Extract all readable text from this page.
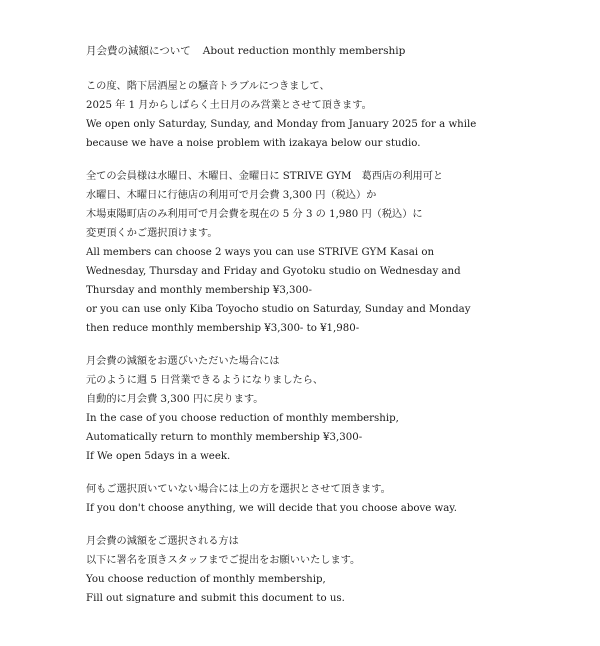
月会費の減額について About reduction monthly membership
この度、階下居酒屋との騒音トラブルにつきまして、
2025 年 1 月からしばらく土日月のみ営業とさせて頂きます。
We open only Saturday, Sunday, and Monday from January 2025 for a while
because we have a noise problem with izakaya below our studio.
全ての会員様は水曜日、木曜日、金曜日に STRIVE GYM　葛西店の利用可と
水曜日、木曜日に行徳店の利用可で月会費 3,300 円（税込）か
木場東陽町店のみ利用可で月会費を現在の 5 分 3 の 1,980 円（税込）に
変更頂くかご選択頂けます。
All members can choose 2 ways you can use STRIVE GYM Kasai on
Wednesday, Thursday and Friday and Gyotoku studio on Wednesday and
Thursday and monthly membership ¥3,300-
or you can use only Kiba Toyocho studio on Saturday, Sunday and Monday
then reduce monthly membership ¥3,300- to ¥1,980-
月会費の減額をお選びいただいた場合には
元のように週 5 日営業できるようになりましたら、
自動的に月会費 3,300 円に戻ります。
In the case of you choose reduction of monthly membership,
Automatically return to monthly membership ¥3,300-
If We open 5days in a week.
何もご選択頂いていない場合には上の方を選択とさせて頂きます。
If you don't choose anything, we will decide that you choose above way.
月会費の減額をご選択される方は
以下に署名を頂きスタッフまでご提出をお願いいたします。
You choose reduction of monthly membership,
Fill out signature and submit this document to us.
